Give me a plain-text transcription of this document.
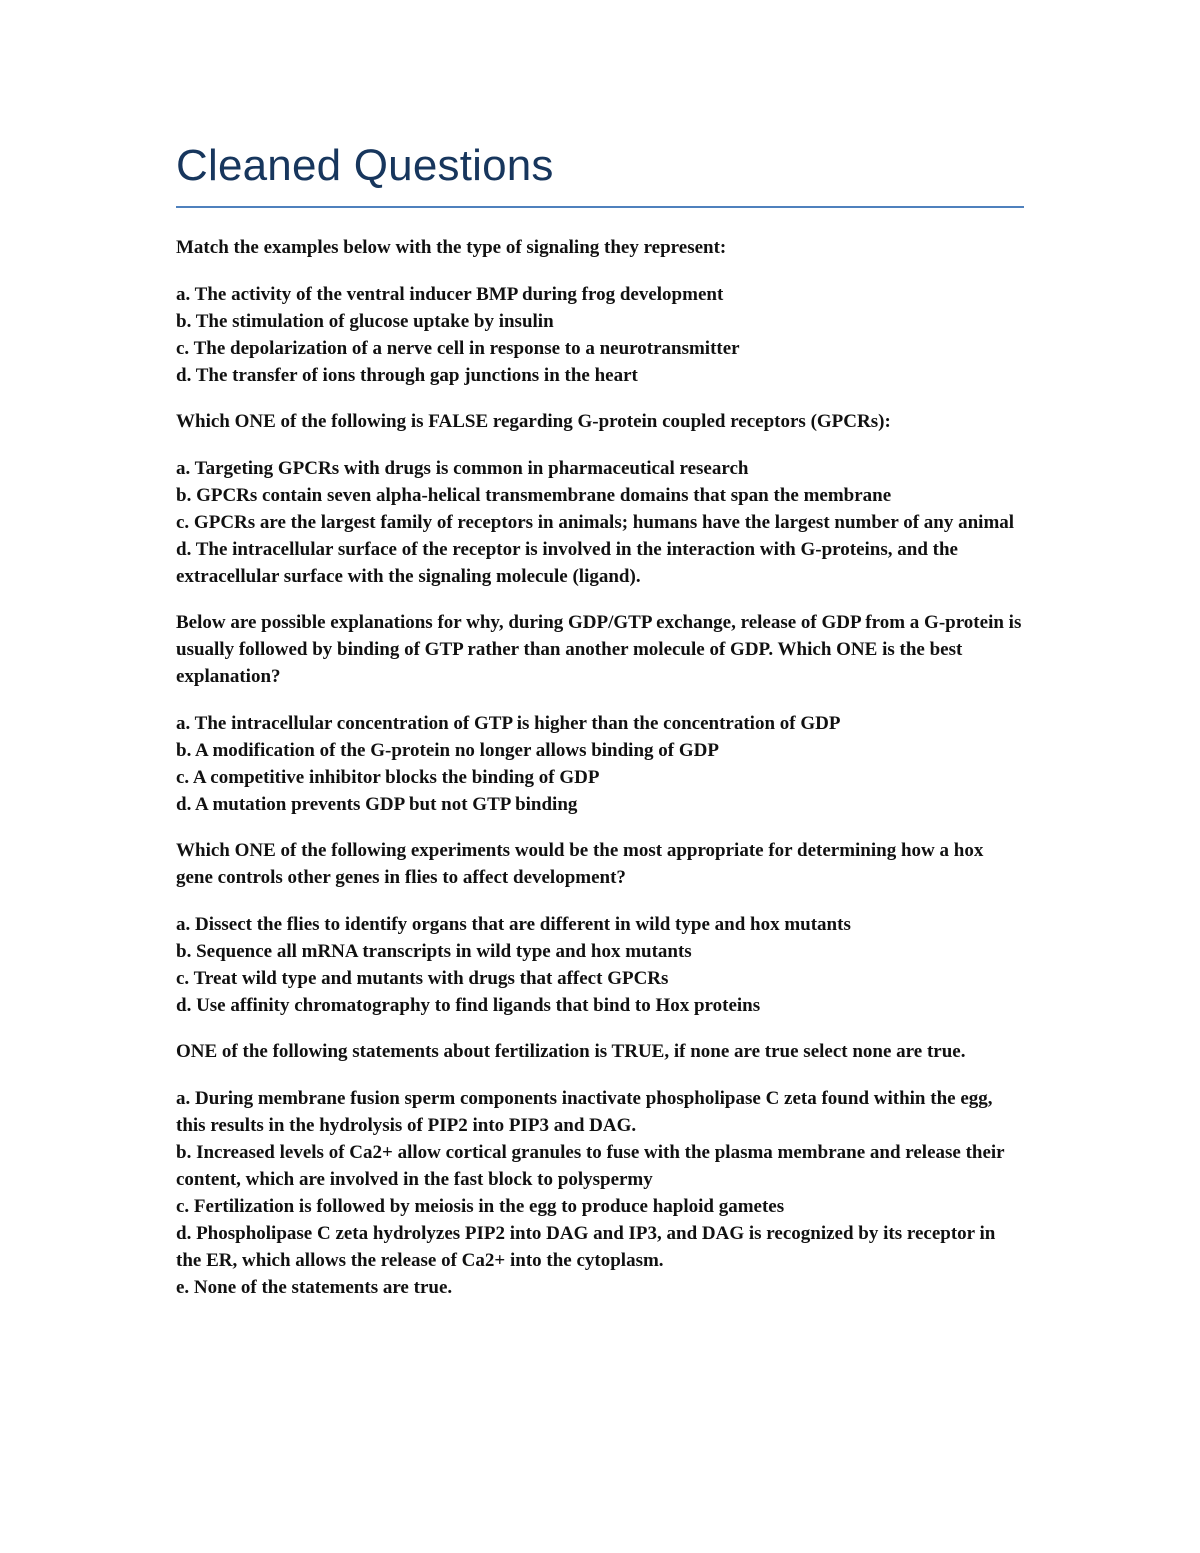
Cleaned Questions

Match the examples below with the type of signaling they represent:

a. The activity of the ventral inducer BMP during frog development
b. The stimulation of glucose uptake by insulin
c. The depolarization of a nerve cell in response to a neurotransmitter
d. The transfer of ions through gap junctions in the heart

Which ONE of the following is FALSE regarding G-protein coupled receptors (GPCRs):

a. Targeting GPCRs with drugs is common in pharmaceutical research
b. GPCRs contain seven alpha-helical transmembrane domains that span the membrane
c. GPCRs are the largest family of receptors in animals; humans have the largest number of any animal
d. The intracellular surface of the receptor is involved in the interaction with G-proteins, and the extracellular surface with the signaling molecule (ligand).

Below are possible explanations for why, during GDP/GTP exchange, release of GDP from a G-protein is usually followed by binding of GTP rather than another molecule of GDP. Which ONE is the best explanation?

a. The intracellular concentration of GTP is higher than the concentration of GDP
b. A modification of the G-protein no longer allows binding of GDP
c. A competitive inhibitor blocks the binding of GDP
d. A mutation prevents GDP but not GTP binding

Which ONE of the following experiments would be the most appropriate for determining how a hox gene controls other genes in flies to affect development?

a. Dissect the flies to identify organs that are different in wild type and hox mutants
b. Sequence all mRNA transcripts in wild type and hox mutants
c. Treat wild type and mutants with drugs that affect GPCRs
d. Use affinity chromatography to find ligands that bind to Hox proteins

ONE of the following statements about fertilization is TRUE, if none are true select none are true.

a. During membrane fusion sperm components inactivate phospholipase C zeta found within the egg, this results in the hydrolysis of PIP2 into PIP3 and DAG.
b. Increased levels of Ca2+ allow cortical granules to fuse with the plasma membrane and release their content, which are involved in the fast block to polyspermy
c. Fertilization is followed by meiosis in the egg to produce haploid gametes
d. Phospholipase C zeta hydrolyzes PIP2 into DAG and IP3, and DAG is recognized by its receptor in the ER, which allows the release of Ca2+ into the cytoplasm.
e. None of the statements are true.
